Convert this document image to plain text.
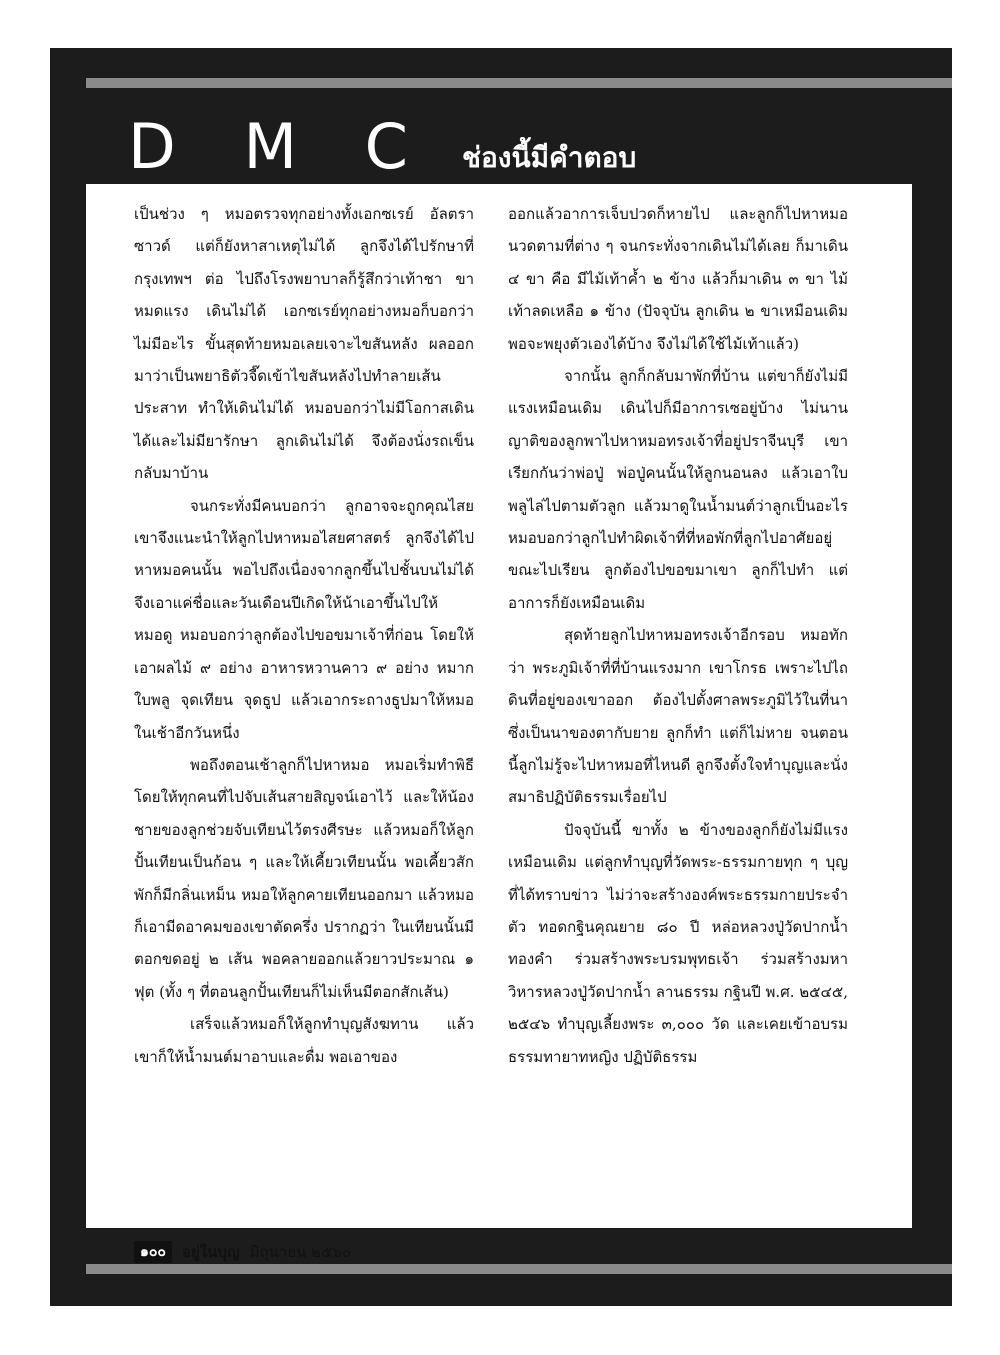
D M C ช่องนี้มีคำตอบ

เป็นช่วง ๆ หมอตรวจทุกอย่างทั้งเอกซเรย์ อัลตราซาวด์ แต่ก็ยังหาสาเหตุไม่ได้ ลูกจึงได้ไปรักษาที่กรุงเทพฯ ต่อ ไปถึงโรงพยาบาลก็รู้สึกว่าเท้าชา ขาหมดแรง เดินไม่ได้ เอกซเรย์ทุกอย่างหมอก็บอกว่าไม่มีอะไร ขั้นสุดท้ายหมอเลยเจาะไขสันหลัง ผลออกมาว่าเป็นพยาธิตัวจี๊ดเข้าไขสันหลังไปทำลายเส้นประสาท ทำให้เดินไม่ได้ หมอบอกว่าไม่มีโอกาสเดินได้และไม่มียารักษา ลูกเดินไม่ได้ จึงต้องนั่งรถเข็นกลับมาบ้าน

จนกระทั่งมีคนบอกว่า ลูกอาจจะถูกคุณไสย เขาจึงแนะนำให้ลูกไปหาหมอไสยศาสตร์ ลูกจึงได้ไปหาหมอคนนั้น พอไปถึงเนื่องจากลูกขึ้นไปชั้นบนไม่ได้ จึงเอาแค่ชื่อและวันเดือนปีเกิดให้น้าเอาขึ้นไปให้หมอดู หมอบอกว่าลูกต้องไปขอขมาเจ้าที่ก่อน โดยให้เอาผลไม้ ๙ อย่าง อาหารหวานคาว ๙ อย่าง หมาก ใบพลู จุดเทียน จุดธูป แล้วเอากระถางธูปมาให้หมอในเช้าอีกวันหนึ่ง

พอถึงตอนเช้าลูกก็ไปหาหมอ หมอเริ่มทำพิธีโดยให้ทุกคนที่ไปจับเส้นสายสิญจน์เอาไว้ และให้น้องชายของลูกช่วยจับเทียนไว้ตรงศีรษะ แล้วหมอก็ให้ลูกปั้นเทียนเป็นก้อน ๆ และให้เคี้ยวเทียนนั้น พอเคี้ยวสักพักก็มีกลิ่นเหม็น หมอให้ลูกคายเทียนออกมา แล้วหมอก็เอามีดอาคมของเขาตัดครึ่ง ปรากฏว่า ในเทียนนั้นมีตอกขดอยู่ ๒ เส้น พอคลายออกแล้วยาวประมาณ ๑ ฟุต (ทั้ง ๆ ที่ตอนลูกปั้นเทียนก็ไม่เห็นมีตอกสักเส้น)

เสร็จแล้วหมอก็ให้ลูกทำบุญสังฆทาน แล้วเขาก็ให้น้ำมนต์มาอาบและดื่ม พอเอาของ

ออกแล้วอาการเจ็บปวดก็หายไป และลูกก็ไปหาหมอนวดตามที่ต่าง ๆ จนกระทั่งจากเดินไม่ได้เลย ก็มาเดิน ๔ ขา คือ มีไม้เท้าค้ำ ๒ ข้าง แล้วก็มาเดิน ๓ ขา ไม้เท้าลดเหลือ ๑ ข้าง (ปัจจุบัน ลูกเดิน ๒ ขาเหมือนเดิม พอจะพยุงตัวเองได้บ้าง จึงไม่ได้ใช้ไม้เท้าแล้ว)

จากนั้น ลูกก็กลับมาพักที่บ้าน แต่ขาก็ยังไม่มีแรงเหมือนเดิม เดินไปก็มีอาการเซอยู่บ้าง ไม่นานญาติของลูกพาไปหาหมอทรงเจ้าที่อยู่ปราจีนบุรี เขาเรียกกันว่าพ่อปู่ พ่อปู่คนนั้นให้ลูกนอนลง แล้วเอาใบพลูไล่ไปตามตัวลูก แล้วมาดูในน้ำมนต์ว่าลูกเป็นอะไร หมอบอกว่าลูกไปทำผิดเจ้าที่ที่หอพักที่ลูกไปอาศัยอยู่ขณะไปเรียน ลูกต้องไปขอขมาเขา ลูกก็ไปทำ แต่อาการก็ยังเหมือนเดิม

สุดท้ายลูกไปหาหมอทรงเจ้าอีกรอบ หมอทักว่า พระภูมิเจ้าที่ที่บ้านแรงมาก เขาโกรธ เพราะไปไถดินที่อยู่ของเขาออก ต้องไปตั้งศาลพระภูมิไว้ในที่นาซึ่งเป็นนาของตากับยาย ลูกก็ทำ แต่ก็ไม่หาย จนตอนนี้ลูกไม่รู้จะไปหาหมอที่ไหนดี ลูกจึงตั้งใจทำบุญและนั่งสมาธิปฏิบัติธรรมเรื่อยไป

ปัจจุบันนี้ ขาทั้ง ๒ ข้างของลูกก็ยังไม่มีแรงเหมือนเดิม แต่ลูกทำบุญที่วัดพระ-ธรรมกายทุก ๆ บุญที่ได้ทราบข่าว ไม่ว่าจะสร้างองค์พระธรรมกายประจำตัว ทอดกฐินคุณยาย ๘๐ ปี หล่อหลวงปู่วัดปากน้ำทองคำ ร่วมสร้างพระบรมพุทธเจ้า ร่วมสร้างมหาวิหารหลวงปู่วัดปากน้ำ ลานธรรม กฐินปี พ.ศ. ๒๕๔๕, ๒๕๔๖ ทำบุญเลี้ยงพระ ๓,๐๐๐ วัด และเคยเข้าอบรมธรรมทายาทหญิง ปฏิบัติธรรม

๑๐๐	อยู่ในบุญ มิถุนายน ๒๕๖๐
